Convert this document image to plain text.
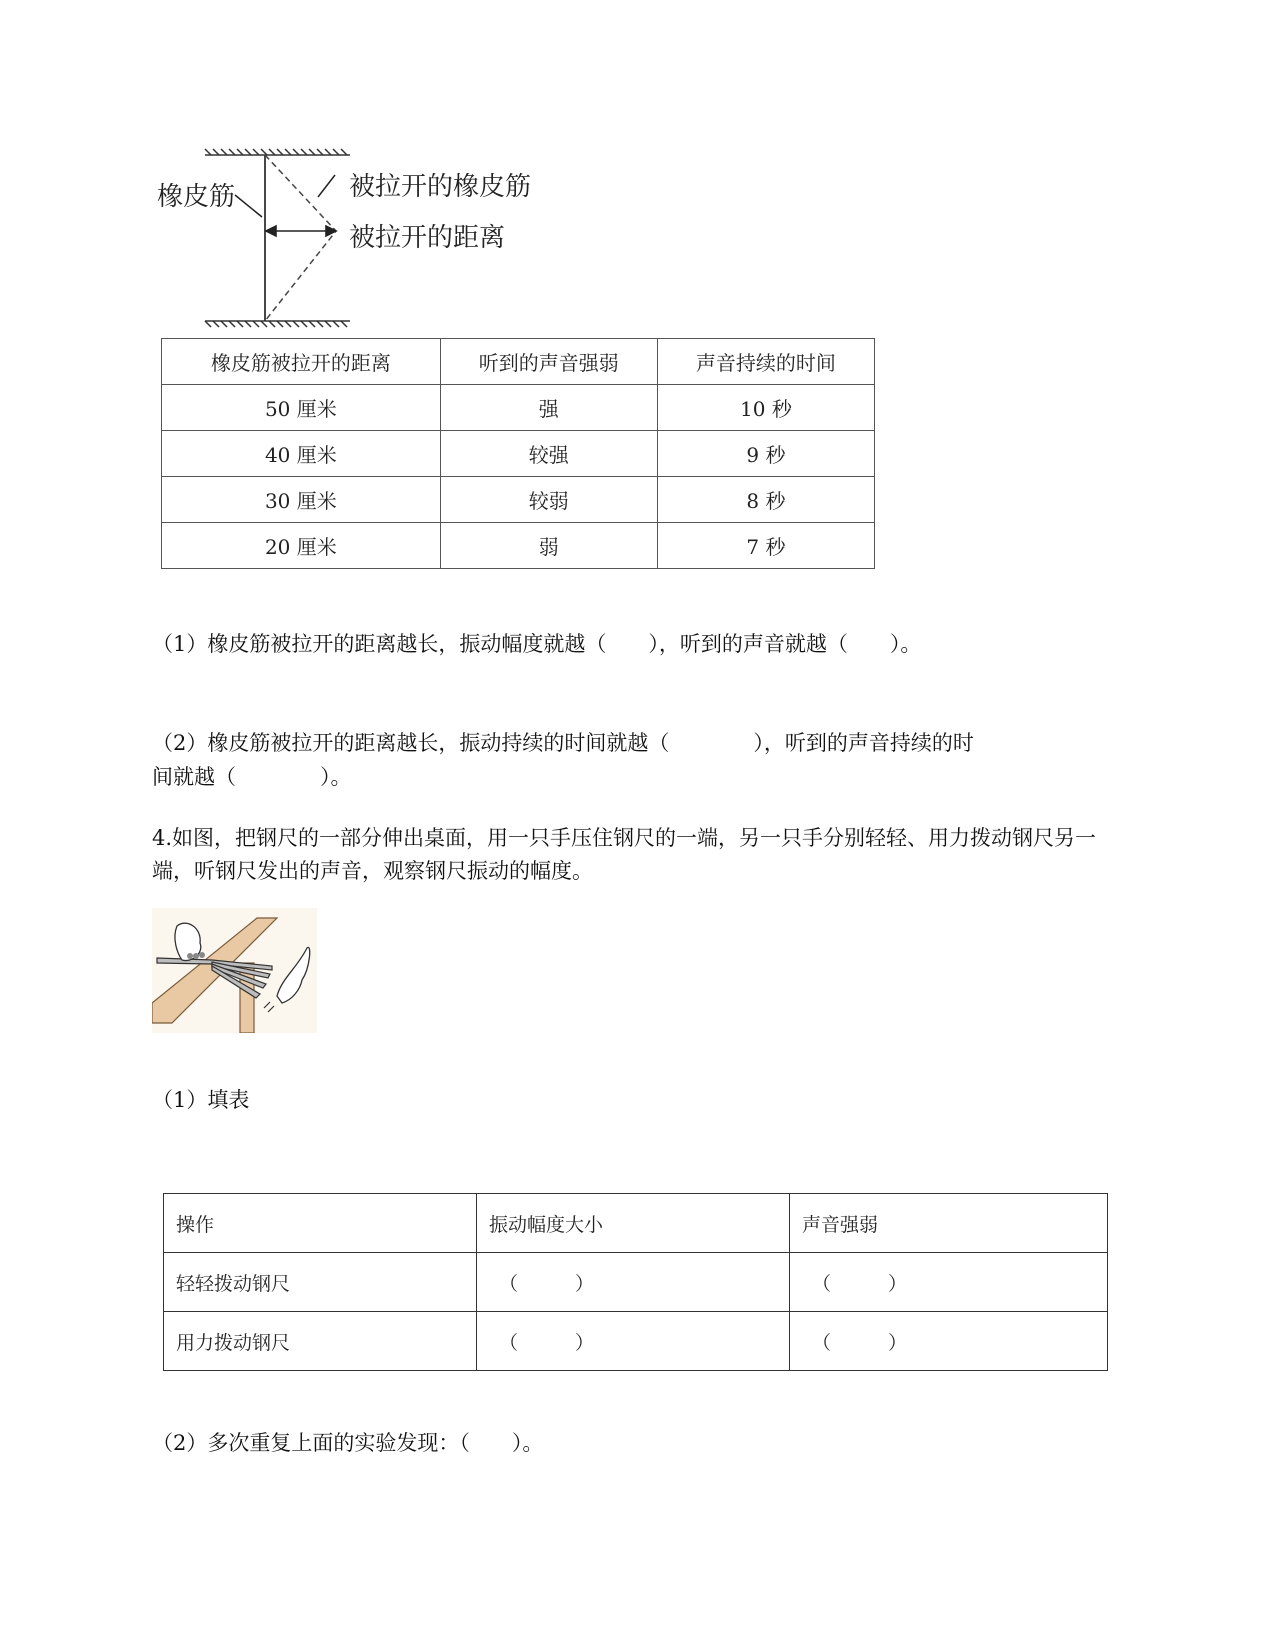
橡皮筋	被拉开的橡皮筋
被拉开的距离
橡皮筋被拉开的距离	听到的声音强弱	声音持续的时间
50 厘米	强	10 秒
40 厘米	较强	9 秒
30 厘米	较弱	8 秒
20 厘米	弱	7 秒
（1）橡皮筋被拉开的距离越长，振动幅度就越（　　），听到的声音就越（　　）。
（2）橡皮筋被拉开的距离越长，振动持续的时间就越（　　　　），听到的声音持续的时
间就越（　　　　）。
4.如图，把钢尺的一部分伸出桌面，用一只手压住钢尺的一端，另一只手分别轻轻、用力拨动钢尺另一端，听钢尺发出的声音，观察钢尺振动的幅度。
（1）填表
操作	振动幅度大小	声音强弱
轻轻拨动钢尺	（　　　）	（　　　）
用力拨动钢尺	（　　　）	（　　　）
（2）多次重复上面的实验发现：（　　）。
